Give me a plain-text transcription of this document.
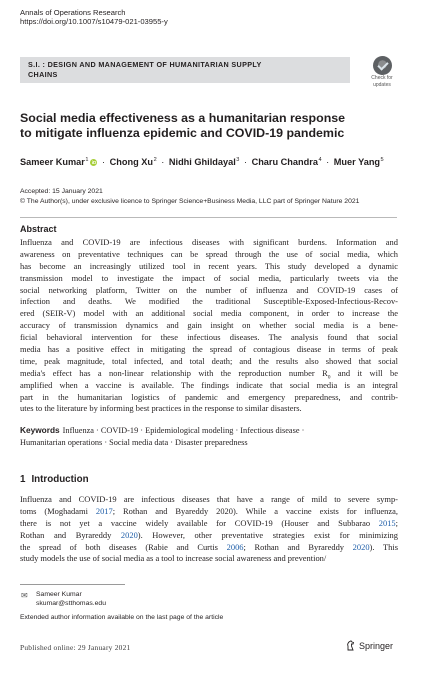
Annals of Operations Research
https://doi.org/10.1007/s10479-021-03955-y
S.I. : DESIGN AND MANAGEMENT OF HUMANITARIAN SUPPLY
CHAINS	Check for
updates
Social media effectiveness as a humanitarian response
to mitigate influenza epidemic and COVID-19 pandemic
Sameer Kumar$^1$ iD · Chong $Xu^2$ · Nidhi Ghildayal$^3$ · Charu Chandra$^4$ · Muer Yang$^5$
Accepted: 15 January 2021
© The Author(s), under exclusive licence to Springer Science+Business Media, LLC part of Springer Nature 2021
Abstract
Influenza and COVID-19 are infectious diseases with significant burdens. Information and
awareness on preventative techniques can be spread through the use of social media, which
has become an increasingly utilized tool in recent years. This study developed a dynamic
transmission model to investigate the impact of social media, particularly tweets via the
social networking platform, Twitter on the number of influenza and COVID-19 cases of
infection and deaths. We modified the traditional Susceptible-Exposed-Infectious-Recov-
ered (SEIR-V) model with an additional social media component, in order to increase the
accuracy of transmission dynamics and gain insight on whether social media is a bene-
ficial behavioral intervention for these infectious diseases. The analysis found that social
media has a positive effect in mitigating the spread of contagious disease in terms of peak
time, peak magnitude, total infected, and total death; and the results also showed that social
media's effect has a non-linear relationship with the reproduction number $R_0$ and it will be
amplified when a vaccine is available. The findings indicate that social media is an integral
part in the humanitarian logistics of pandemic and emergency preparedness, and contrib-
utes to the literature by informing best practices in the response to similar disasters.
Keywords Influenza · COVID-19 · Epidemiological modeling · Infectious disease ·
Humanitarian operations · Social media data · Disaster preparedness
1 Introduction
Influenza and COVID-19 are infectious diseases that have a range of mild to severe symp-
toms (Moghadami 2017; Rothan and Byareddy 2020). While a vaccine exists for influenza,
there is not yet a vaccine widely available for COVID-19 (Houser and Subbarao 2015;
Rothan and Byrareddy 2020). However, other preventative strategies exist for minimizing
the spread of both diseases (Rabie and Curtis 2006; Rothan and Byrareddy 2020). This
study models the use of social media as a tool to increase social awareness and prevention/
✉ Sameer Kumar
skumar@stthomas.edu
Extended author information available on the last page of the article
Published online: 29 January 2021	Springer
